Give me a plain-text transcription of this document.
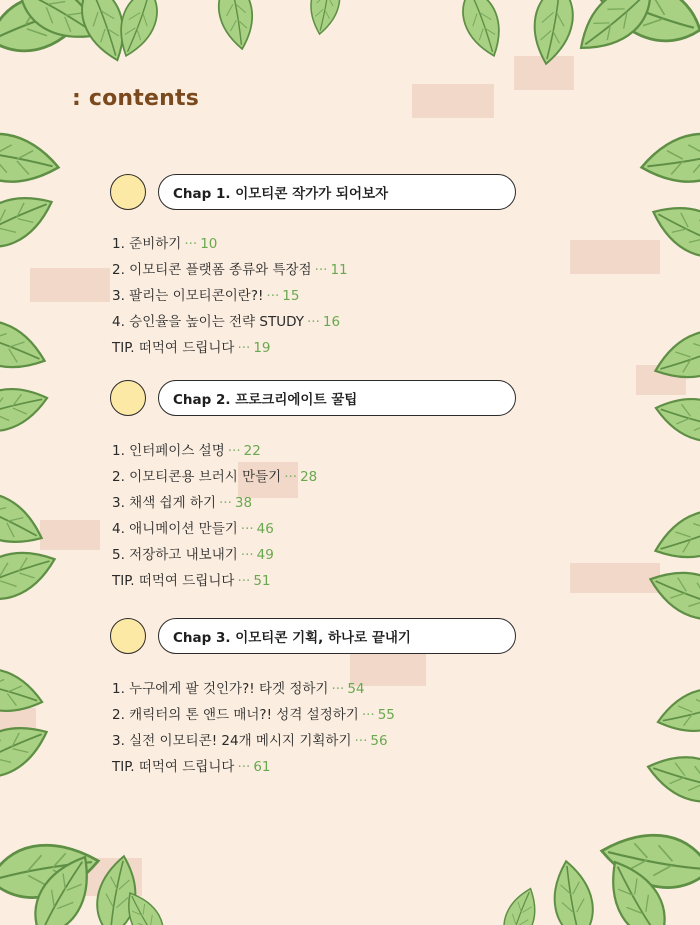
: contents
Chap 1. 이모티콘 작가가 되어보자
1. 준비하기 ··· 10
2. 이모티콘 플랫폼 종류와 특장점 ··· 11
3. 팔리는 이모티콘이란?! ··· 15
4. 승인율을 높이는 전략 STUDY ··· 16
TIP. 떠먹여 드립니다 ··· 19
Chap 2. 프로크리에이트 꿀팁
1. 인터페이스 설명 ··· 22
2. 이모티콘용 브러시 만들기 ··· 28
3. 채색 쉽게 하기 ··· 38
4. 애니메이션 만들기 ··· 46
5. 저장하고 내보내기 ··· 49
TIP. 떠먹여 드립니다 ··· 51
Chap 3. 이모티콘 기획, 하나로 끝내기
1. 누구에게 팔 것인가?! 타겟 정하기 ··· 54
2. 캐릭터의 톤 앤드 매너?! 성격 설정하기 ··· 55
3. 실전 이모티콘! 24개 메시지 기획하기 ··· 56
TIP. 떠먹여 드립니다 ··· 61
